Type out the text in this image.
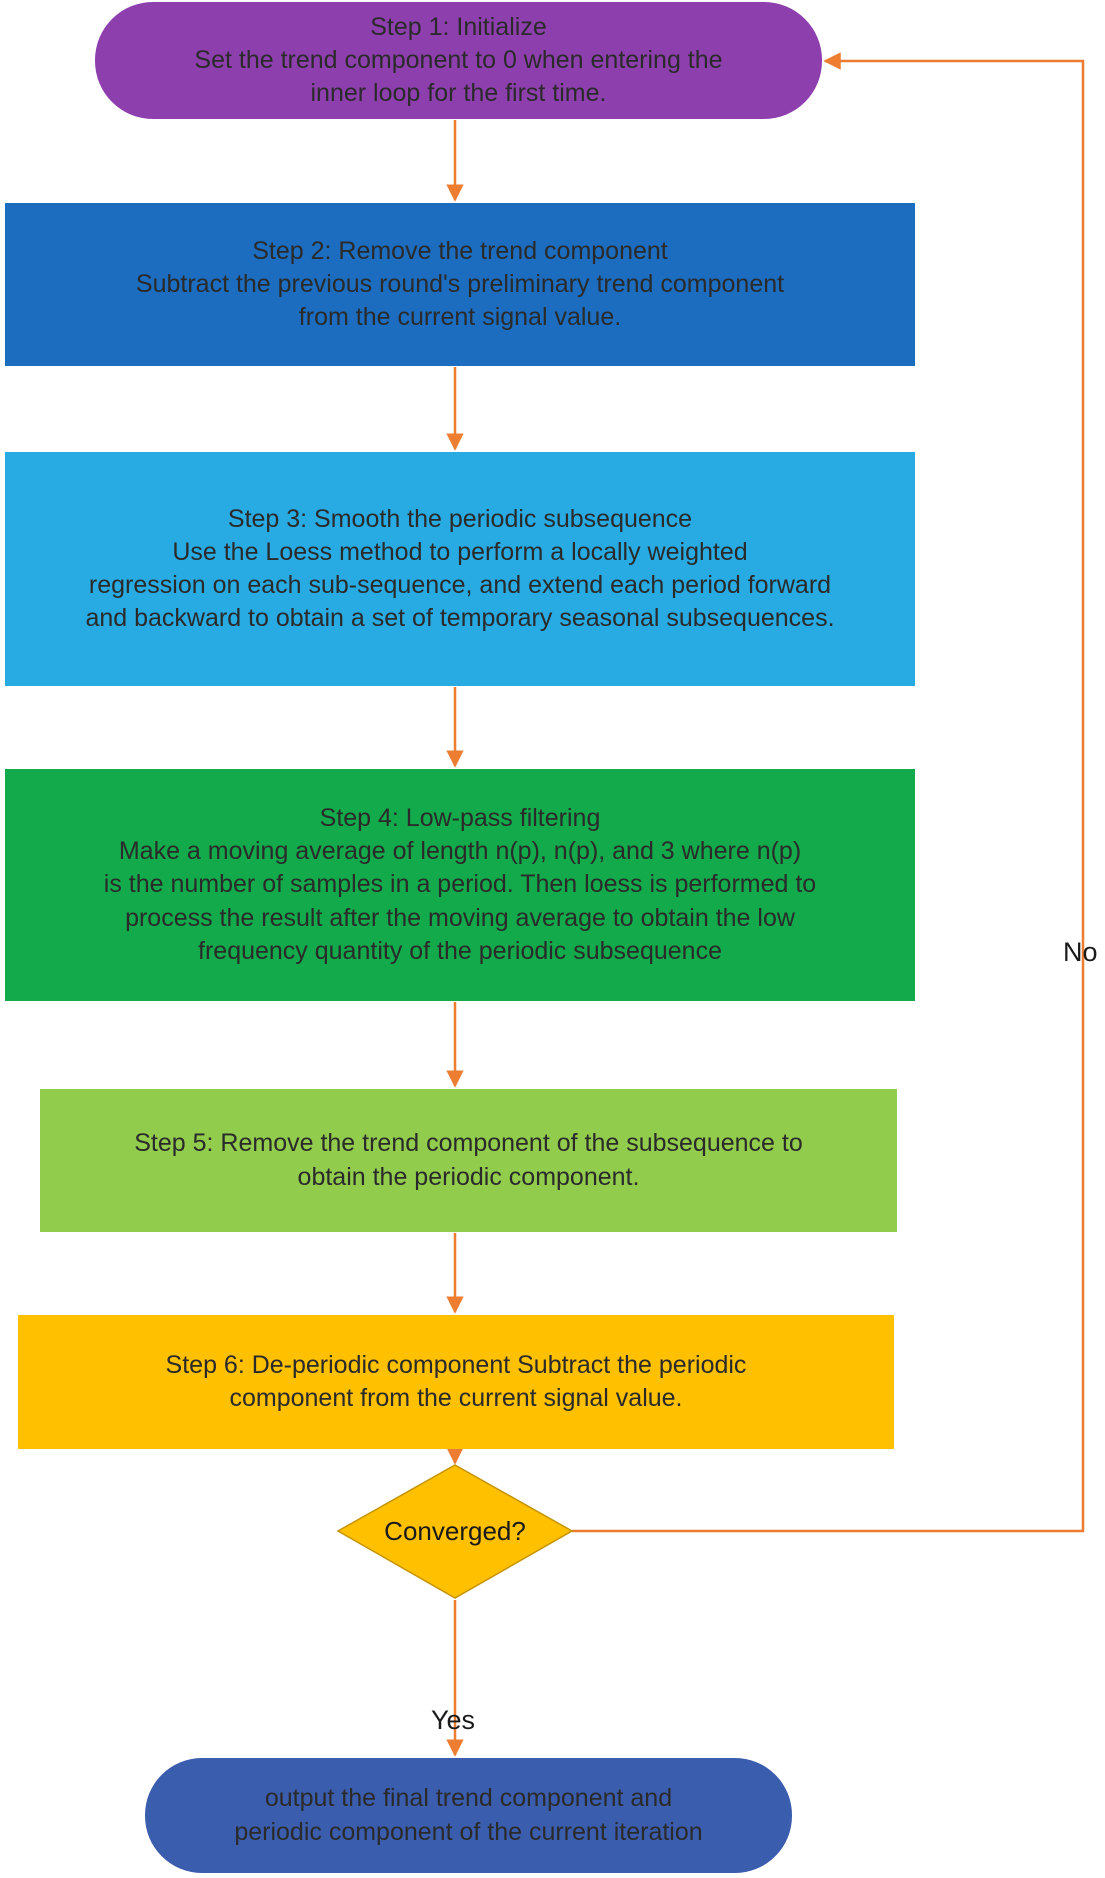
Step 1: Initialize
Set the trend component to 0 when entering the
inner loop for the first time.
Step 2: Remove the trend component
Subtract the previous round's preliminary trend component
from the current signal value.
Step 3: Smooth the periodic subsequence
Use the Loess method to perform a locally weighted
regression on each sub-sequence, and extend each period forward
and backward to obtain a set of temporary seasonal subsequences.
Step 4: Low-pass filtering
Make a moving average of length n(p), n(p), and 3 where n(p)
is the number of samples in a period. Then loess is performed to
process the result after the moving average to obtain the low
frequency quantity of the periodic subsequence
Step 5: Remove the trend component of the subsequence to
obtain the periodic component.
Step 6: De-periodic component Subtract the periodic
component from the current signal value.
Converged?
No
Yes
output the final trend component and
periodic component of the current iteration
